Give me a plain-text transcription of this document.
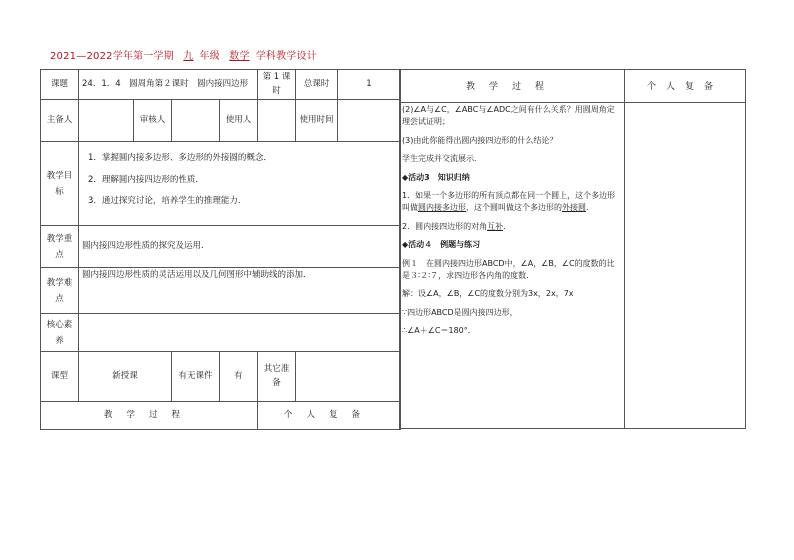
2021—2022学年第一学期 九 年级 数学 学科教学设计
课题	24．1．4　圆周角第２课时　圆内接四边形				第 1 课时	总课时	1
主备人		审核人		使用人		使用时间	
教学目标	1．掌握圆内接多边形、多边形的外接圆的概念．
2．理解圆内接四边形的性质．
3．通过探究讨论，培养学生的推理能力．						

教学重点	圆内接四边形性质的探究及运用．						
教学难点	圆内接四边形性质的灵活运用以及几何图形中辅助线的添加．						
核心素养							
课型	新授课		有无课件	有	其它准备		
教学过程					个人复备		
教学过程	个人复备

(2)∠A与∠C，∠ABC与∠ADC之间有什么关系？用圆周角定理尝试证明；

(3)由此你能得出圆内接四边形的什么结论？

学生完成并交流展示．

◆活动3　知识归纳

1．如果一个多边形的所有顶点都在同一个圆上，这个多边形叫做圆内接多边形，这个圆叫做这个多边形的外接圆．

2．圆内接四边形的对角互补．

◆活动４　例题与练习

例１　在圆内接四边形ABCD中，∠A，∠B，∠C的度数的比是３∶２∶７，求四边形各内角的度数．

解：设∠A，∠B，∠C的度数分别为3x，2x，7x

∵四边形ABCD是圆内接四边形，

∴∠A＋∠C＝180°．
